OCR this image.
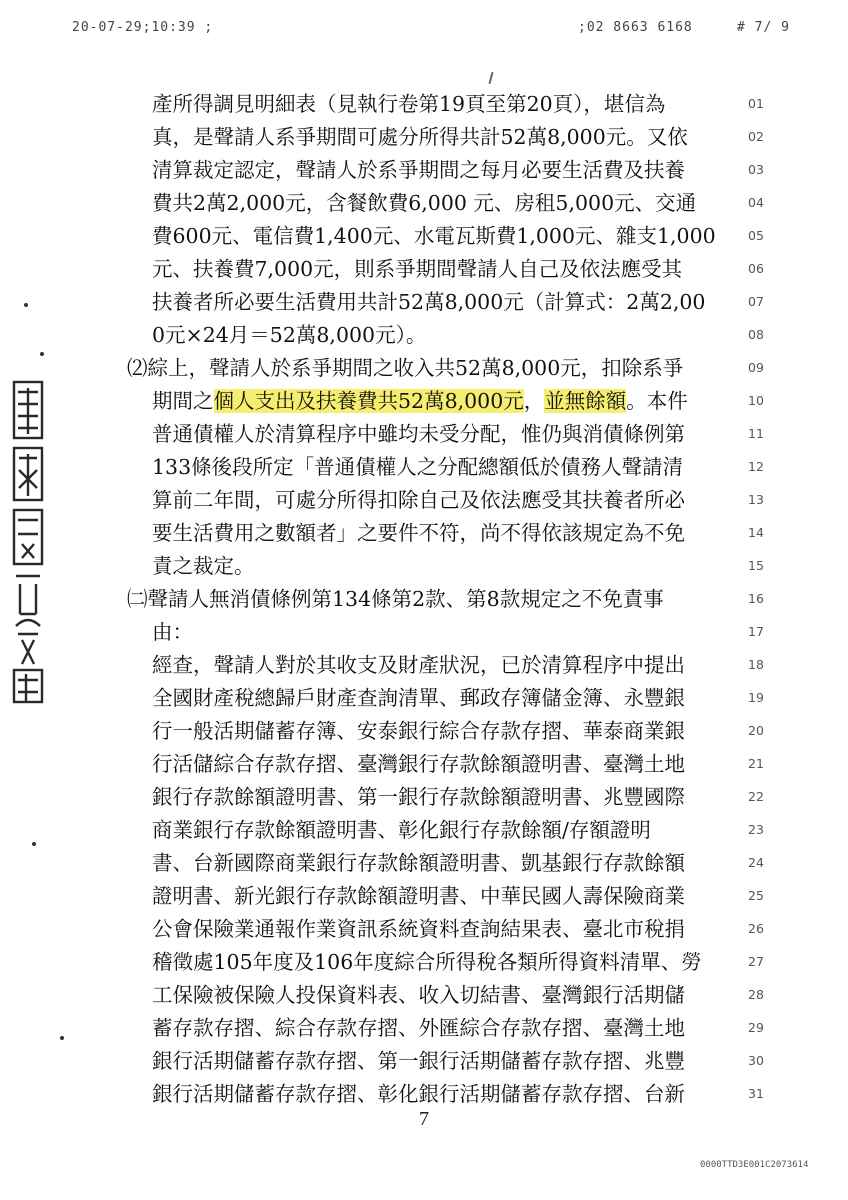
20-07-29;10:39 ;	;02 8663 6168	# 7/ 9
產所得調見明細表（見執行卷第19頁至第20頁），堪信為	01
真，是聲請人系爭期間可處分所得共計52萬8,000元。又依	02
清算裁定認定，聲請人於系爭期間之每月必要生活費及扶養	03
費共2萬2,000元，含餐飲費6,000 元、房租5,000元、交通	04
費600元、電信費1,400元、水電瓦斯費1,000元、雜支1,000	05
元、扶養費7,000元，則系爭期間聲請人自己及依法應受其	06
扶養者所必要生活費用共計52萬8,000元（計算式：2萬2,00	07
0元×24月＝52萬8,000元）。	08
⑵綜上，聲請人於系爭期間之收入共52萬8,000元，扣除系爭	09
期間之個人支出及扶養費共52萬8,000元，並無餘額。本件	10
普通債權人於清算程序中雖均未受分配，惟仍與消債條例第	11
133條後段所定「普通債權人之分配總額低於債務人聲請清	12
算前二年間，可處分所得扣除自己及依法應受其扶養者所必	13
要生活費用之數額者」之要件不符，尚不得依該規定為不免	14
責之裁定。	15
㈡聲請人無消債條例第134條第2款、第8款規定之不免責事	16
由：	17
經查，聲請人對於其收支及財產狀況，已於清算程序中提出	18
全國財產稅總歸戶財產查詢清單、郵政存簿儲金簿、永豐銀	19
行一般活期儲蓄存簿、安泰銀行綜合存款存摺、華泰商業銀	20
行活儲綜合存款存摺、臺灣銀行存款餘額證明書、臺灣土地	21
銀行存款餘額證明書、第一銀行存款餘額證明書、兆豐國際	22
商業銀行存款餘額證明書、彰化銀行存款餘額/存額證明	23
書、台新國際商業銀行存款餘額證明書、凱基銀行存款餘額	24
證明書、新光銀行存款餘額證明書、中華民國人壽保險商業	25
公會保險業通報作業資訊系統資料查詢結果表、臺北市稅捐	26
稽徵處105年度及106年度綜合所得稅各類所得資料清單、勞	27
工保險被保險人投保資料表、收入切結書、臺灣銀行活期儲	28
蓄存款存摺、綜合存款存摺、外匯綜合存款存摺、臺灣土地	29
銀行活期儲蓄存款存摺、第一銀行活期儲蓄存款存摺、兆豐	30
銀行活期儲蓄存款存摺、彰化銀行活期儲蓄存款存摺、台新	31
7
0000TTD3E001C2073614
